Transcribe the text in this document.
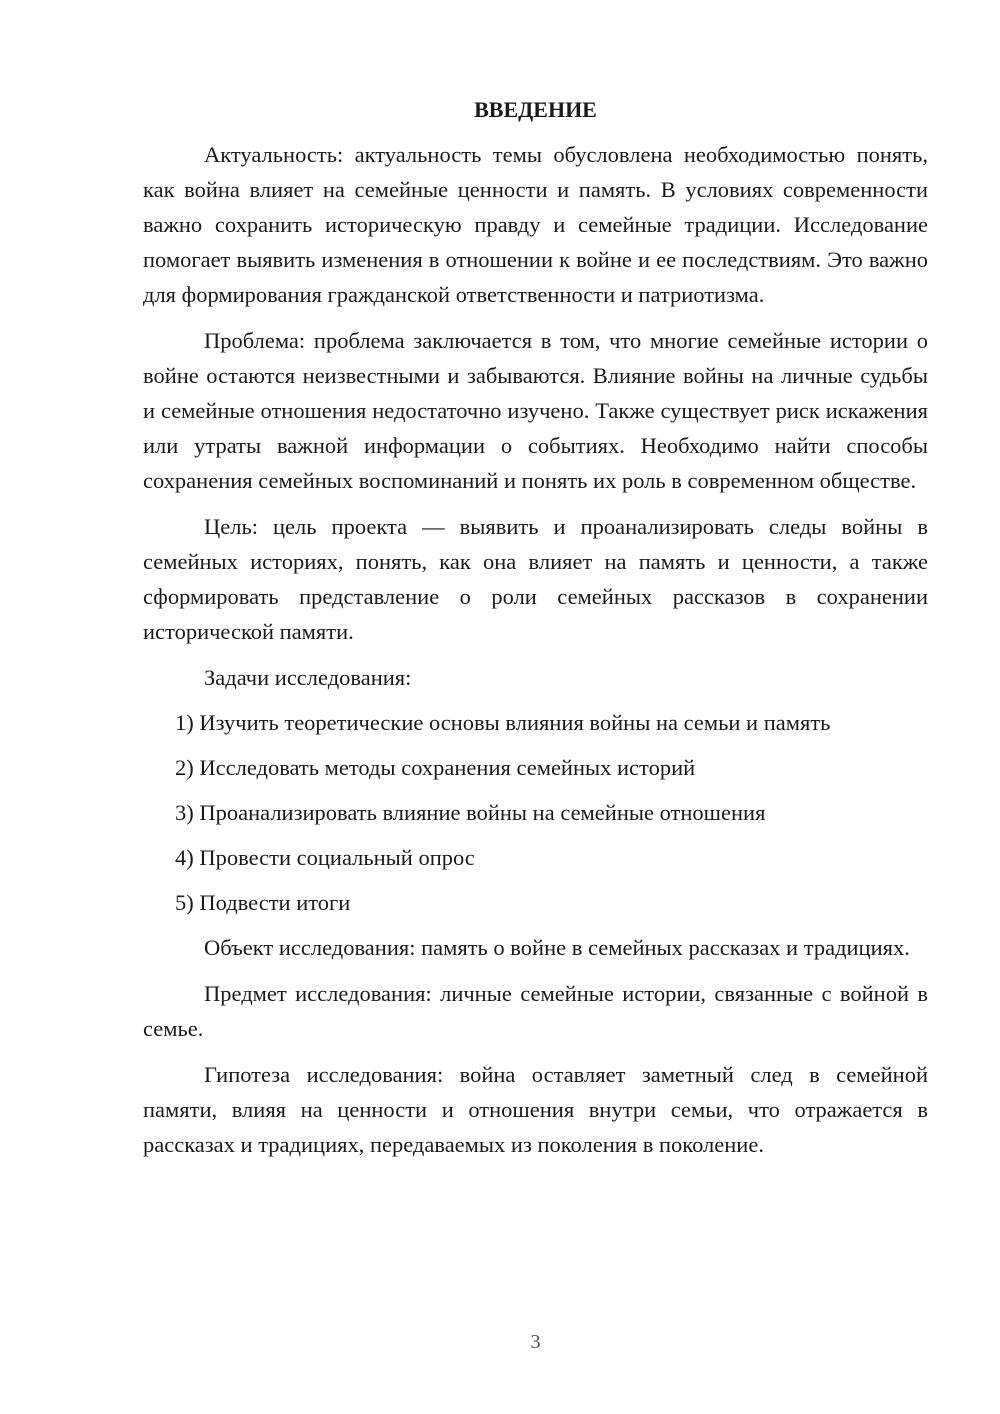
ВВЕДЕНИЕ

Актуальность: актуальность темы обусловлена необходимостью понять, как война влияет на семейные ценности и память. В условиях современности важно сохранить историческую правду и семейные традиции. Исследование помогает выявить изменения в отношении к войне и ее последствиям. Это важно для формирования гражданской ответственности и патриотизма.

Проблема: проблема заключается в том, что многие семейные истории о войне остаются неизвестными и забываются. Влияние войны на личные судьбы и семейные отношения недостаточно изучено. Также существует риск искажения или утраты важной информации о событиях. Необходимо найти способы сохранения семейных воспоминаний и понять их роль в современном обществе.

Цель: цель проекта — выявить и проанализировать следы войны в семейных историях, понять, как она влияет на память и ценности, а также сформировать представление о роли семейных рассказов в сохранении исторической памяти.

Задачи исследования:

1) Изучить теоретические основы влияния войны на семьи и память

2) Исследовать методы сохранения семейных историй

3) Проанализировать влияние войны на семейные отношения

4) Провести социальный опрос

5) Подвести итоги

Объект исследования: память о войне в семейных рассказах и традициях.

Предмет исследования: личные семейные истории, связанные с войной в семье.

Гипотеза исследования: война оставляет заметный след в семейной памяти, влияя на ценности и отношения внутри семьи, что отражается в рассказах и традициях, передаваемых из поколения в поколение.

3
